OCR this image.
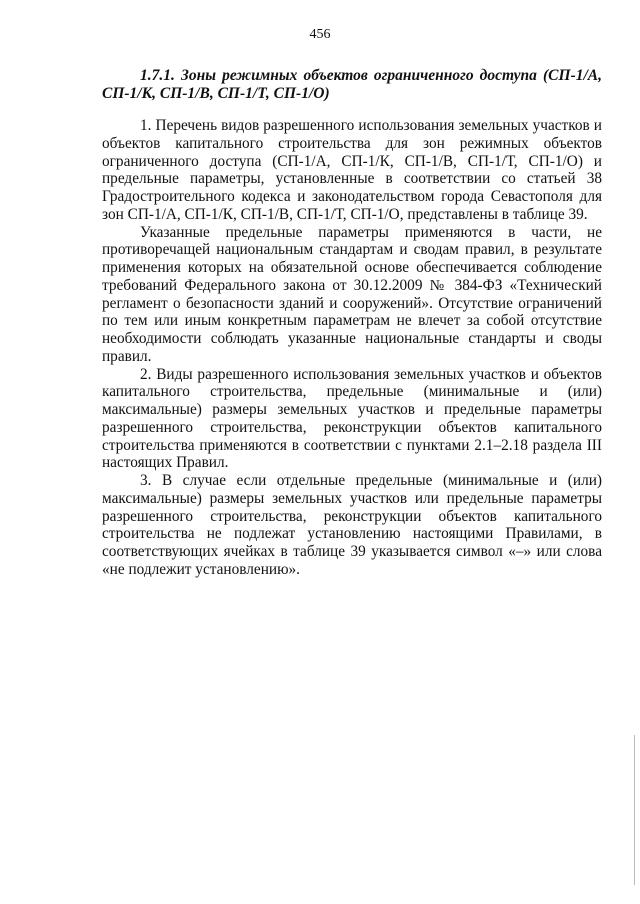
456
1.7.1. Зоны режимных объектов ограниченного доступа (СП-1/А, СП-1/К, СП-1/В, СП-1/Т, СП-1/О)

1. Перечень видов разрешенного использования земельных участков и объектов капитального строительства для зон режимных объектов ограниченного доступа (СП-1/А, СП-1/К, СП-1/В, СП-1/Т, СП-1/О) и предельные параметры, установленные в соответствии со статьей 38 Градостроительного кодекса и законодательством города Севастополя для зон СП-1/А, СП-1/К, СП-1/В, СП-1/Т, СП-1/О, представлены в таблице 39.

Указанные предельные параметры применяются в части, не противоречащей национальным стандартам и сводам правил, в результате применения которых на обязательной основе обеспечивается соблюдение требований Федерального закона от 30.12.2009 № 384-ФЗ «Технический регламент о безопасности зданий и сооружений». Отсутствие ограничений по тем или иным конкретным параметрам не влечет за собой отсутствие необходимости соблюдать указанные национальные стандарты и своды правил.

2. Виды разрешенного использования земельных участков и объектов капитального строительства, предельные (минимальные и (или) максимальные) размеры земельных участков и предельные параметры разрешенного строительства, реконструкции объектов капитального строительства применяются в соответствии с пунктами 2.1–2.18 раздела III настоящих Правил.

3. В случае если отдельные предельные (минимальные и (или) максимальные) размеры земельных участков или предельные параметры разрешенного строительства, реконструкции объектов капитального строительства не подлежат установлению настоящими Правилами, в соответствующих ячейках в таблице 39 указывается символ «–» или слова «не подлежит установлению».
